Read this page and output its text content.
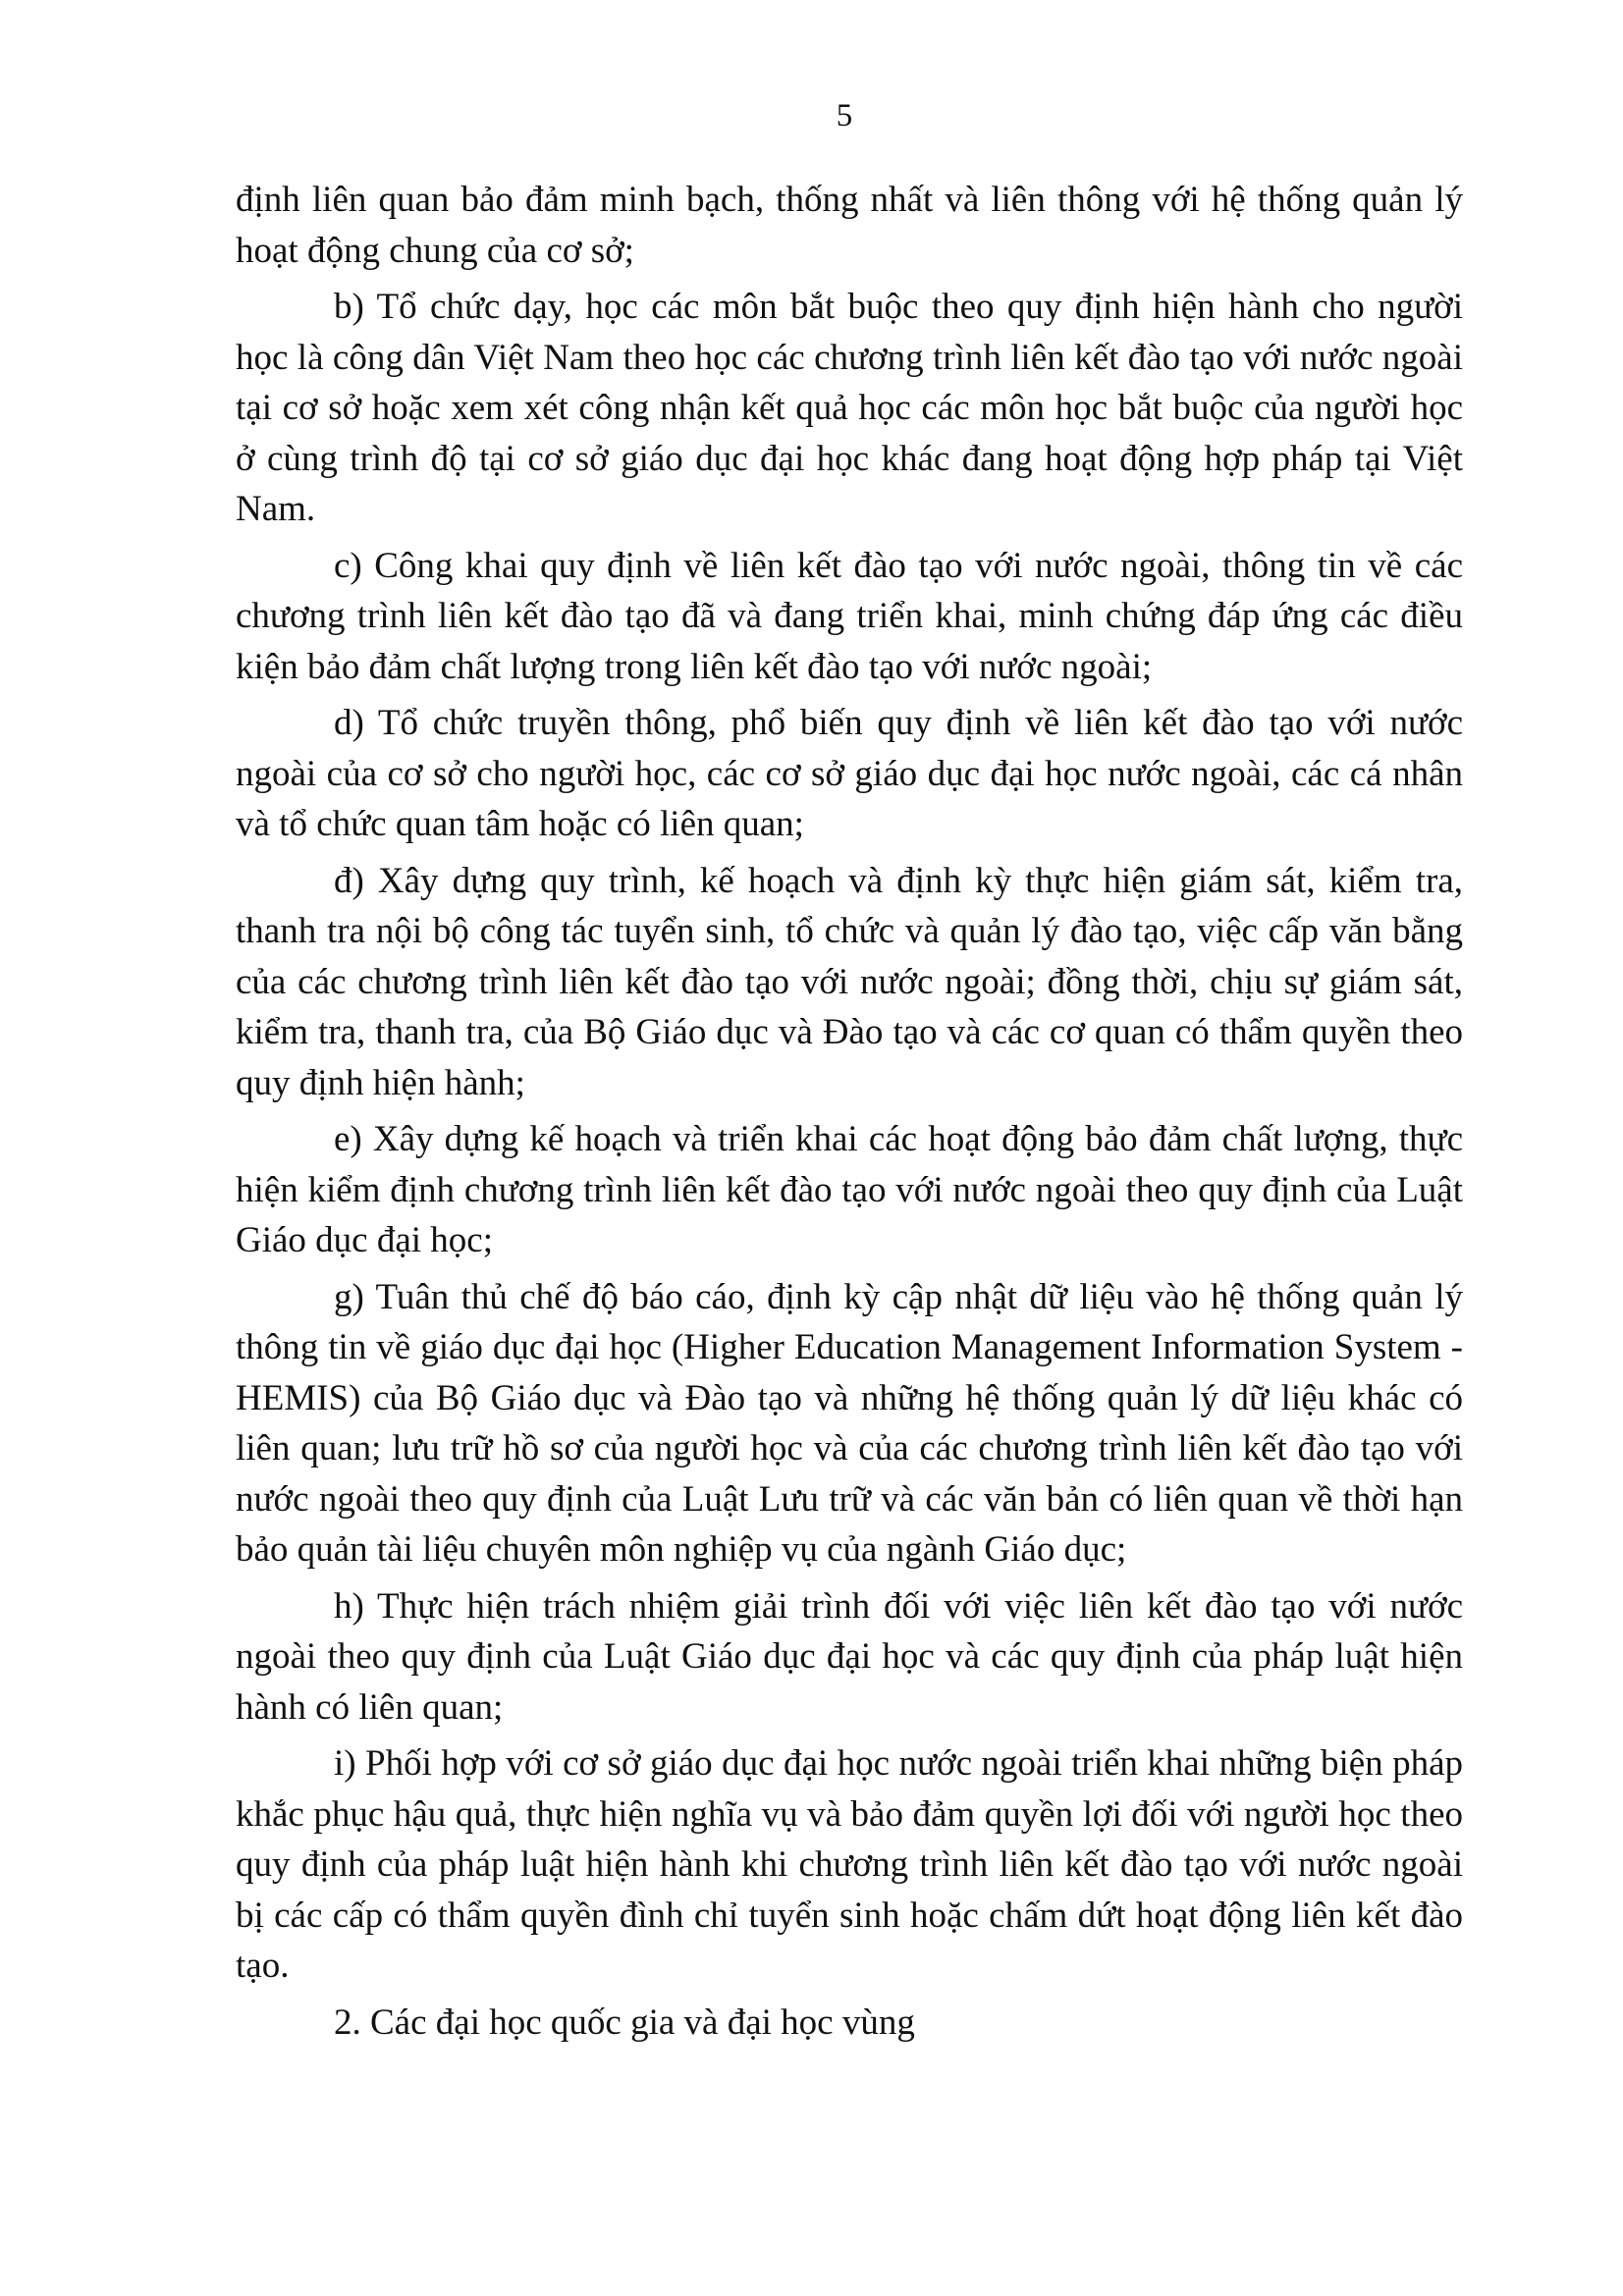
5

định liên quan bảo đảm minh bạch, thống nhất và liên thông với hệ thống quản lý hoạt động chung của cơ sở;

b) Tổ chức dạy, học các môn bắt buộc theo quy định hiện hành cho người học là công dân Việt Nam theo học các chương trình liên kết đào tạo với nước ngoài tại cơ sở hoặc xem xét công nhận kết quả học các môn học bắt buộc của người học ở cùng trình độ tại cơ sở giáo dục đại học khác đang hoạt động hợp pháp tại Việt Nam.

c) Công khai quy định về liên kết đào tạo với nước ngoài, thông tin về các chương trình liên kết đào tạo đã và đang triển khai, minh chứng đáp ứng các điều kiện bảo đảm chất lượng trong liên kết đào tạo với nước ngoài;

d) Tổ chức truyền thông, phổ biến quy định về liên kết đào tạo với nước ngoài của cơ sở cho người học, các cơ sở giáo dục đại học nước ngoài, các cá nhân và tổ chức quan tâm hoặc có liên quan;

đ) Xây dựng quy trình, kế hoạch và định kỳ thực hiện giám sát, kiểm tra, thanh tra nội bộ công tác tuyển sinh, tổ chức và quản lý đào tạo, việc cấp văn bằng của các chương trình liên kết đào tạo với nước ngoài; đồng thời, chịu sự giám sát, kiểm tra, thanh tra, của Bộ Giáo dục và Đào tạo và các cơ quan có thẩm quyền theo quy định hiện hành;

e) Xây dựng kế hoạch và triển khai các hoạt động bảo đảm chất lượng, thực hiện kiểm định chương trình liên kết đào tạo với nước ngoài theo quy định của Luật Giáo dục đại học;

g) Tuân thủ chế độ báo cáo, định kỳ cập nhật dữ liệu vào hệ thống quản lý thông tin về giáo dục đại học (Higher Education Management Information System - HEMIS) của Bộ Giáo dục và Đào tạo và những hệ thống quản lý dữ liệu khác có liên quan; lưu trữ hồ sơ của người học và của các chương trình liên kết đào tạo với nước ngoài theo quy định của Luật Lưu trữ và các văn bản có liên quan về thời hạn bảo quản tài liệu chuyên môn nghiệp vụ của ngành Giáo dục;

h) Thực hiện trách nhiệm giải trình đối với việc liên kết đào tạo với nước ngoài theo quy định của Luật Giáo dục đại học và các quy định của pháp luật hiện hành có liên quan;

i) Phối hợp với cơ sở giáo dục đại học nước ngoài triển khai những biện pháp khắc phục hậu quả, thực hiện nghĩa vụ và bảo đảm quyền lợi đối với người học theo quy định của pháp luật hiện hành khi chương trình liên kết đào tạo với nước ngoài bị các cấp có thẩm quyền đình chỉ tuyển sinh hoặc chấm dứt hoạt động liên kết đào tạo.

2. Các đại học quốc gia và đại học vùng
